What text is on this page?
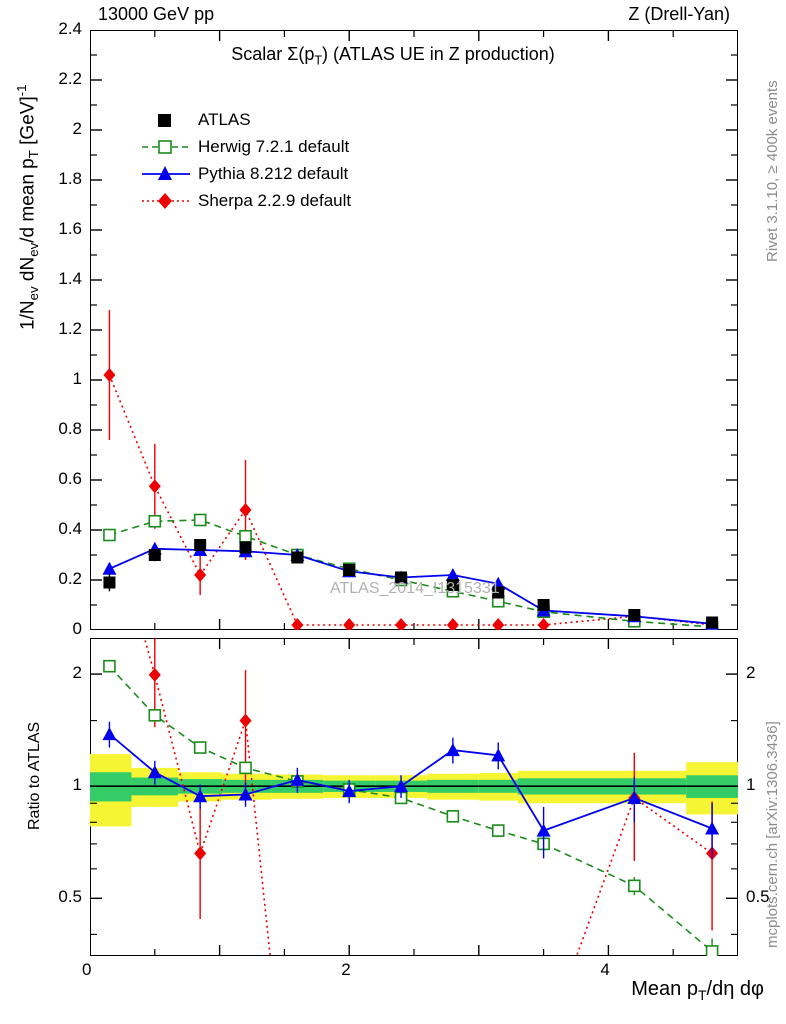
13000 GeV pp	Z (Drell-Yan)
Scalar $\Sigma(p_T)$ (ATLAS UE in Z production)
$1/N_{ev}$ $dN_{ev}/d$ mean $p_T$ [GeV]$^{-1}$
Ratio to ATLAS
Mean $p_T/d\eta$ dφ
Rivet 3.1.10, ≥ 400k events
mcplots.cern.ch [arXiv:1306.3436]
ATLAS
Herwig 7.2.1 default
Pythia 8.212 default
Sherpa 2.2.9 default
0
0.2
0.4
0.6
0.8
1
1.2
1.4
1.6
1.8
2
2.2
2.4
ATLAS_2014_I1315331
0.5	0.5
1	1
2	2
0	2	4
